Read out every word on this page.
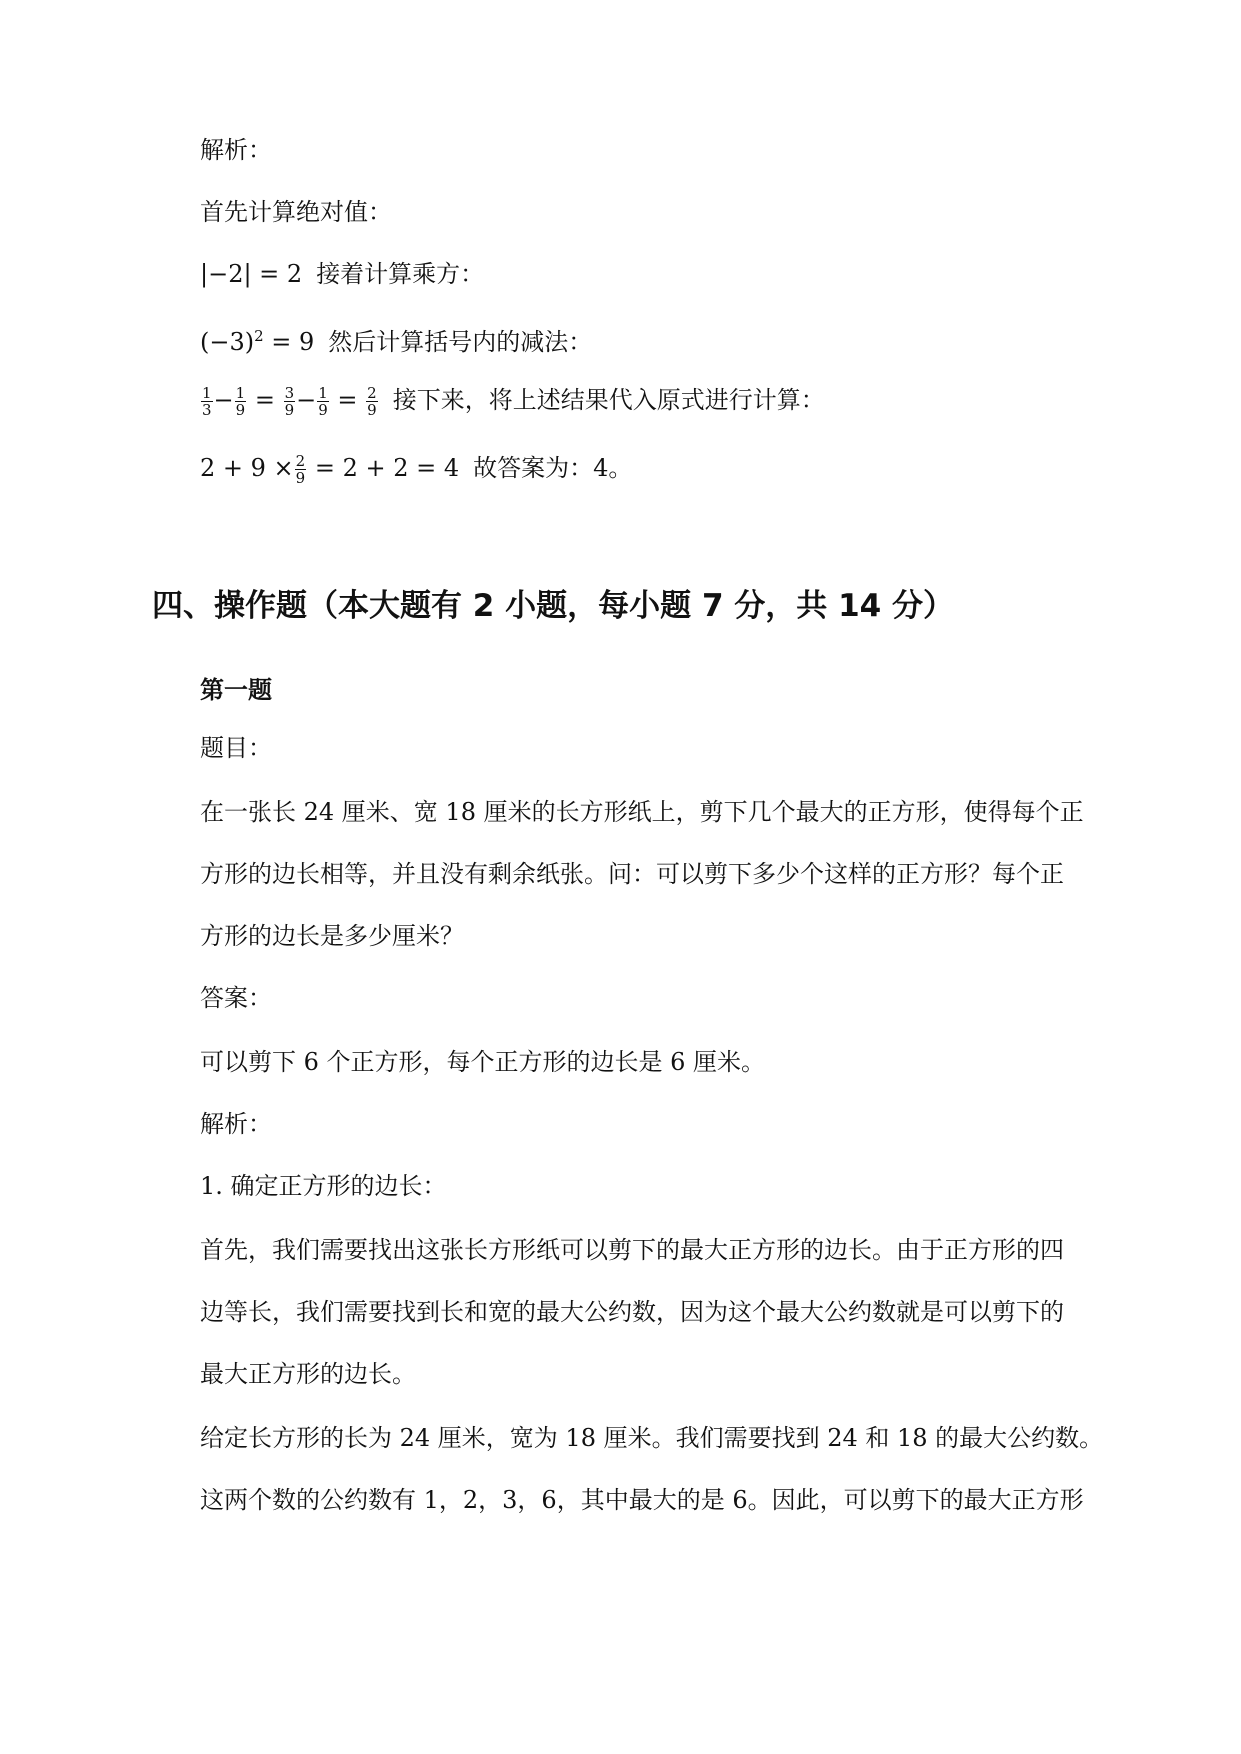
解析：
首先计算绝对值：
|−2| = 2 接着计算乘方：
$(-3)^2 = 9$ 然后计算括号内的减法：
$\frac{1}{3} - \frac{1}{9} = \frac{3}{9} - \frac{1}{9} = \frac{2}{9}$ 接下来，将上述结果代入原式进行计算：
$2 + 9 \times \frac{2}{9} = 2 + 2 = 4$ 故答案为：4。
四、操作题（本大题有 2 小题，每小题 7 分，共 14 分）
第一题
题目：
在一张长 24 厘米、宽 18 厘米的长方形纸上，剪下几个最大的正方形，使得每个正
方形的边长相等，并且没有剩余纸张。问：可以剪下多少个这样的正方形？每个正
方形的边长是多少厘米？
答案：
可以剪下 6 个正方形，每个正方形的边长是 6 厘米。
解析：
1. 确定正方形的边长：
首先，我们需要找出这张长方形纸可以剪下的最大正方形的边长。由于正方形的四
边等长，我们需要找到长和宽的最大公约数，因为这个最大公约数就是可以剪下的
最大正方形的边长。
给定长方形的长为 24 厘米，宽为 18 厘米。我们需要找到 24 和 18 的最大公约数。
这两个数的公约数有 1，2，3，6，其中最大的是 6。因此，可以剪下的最大正方形
